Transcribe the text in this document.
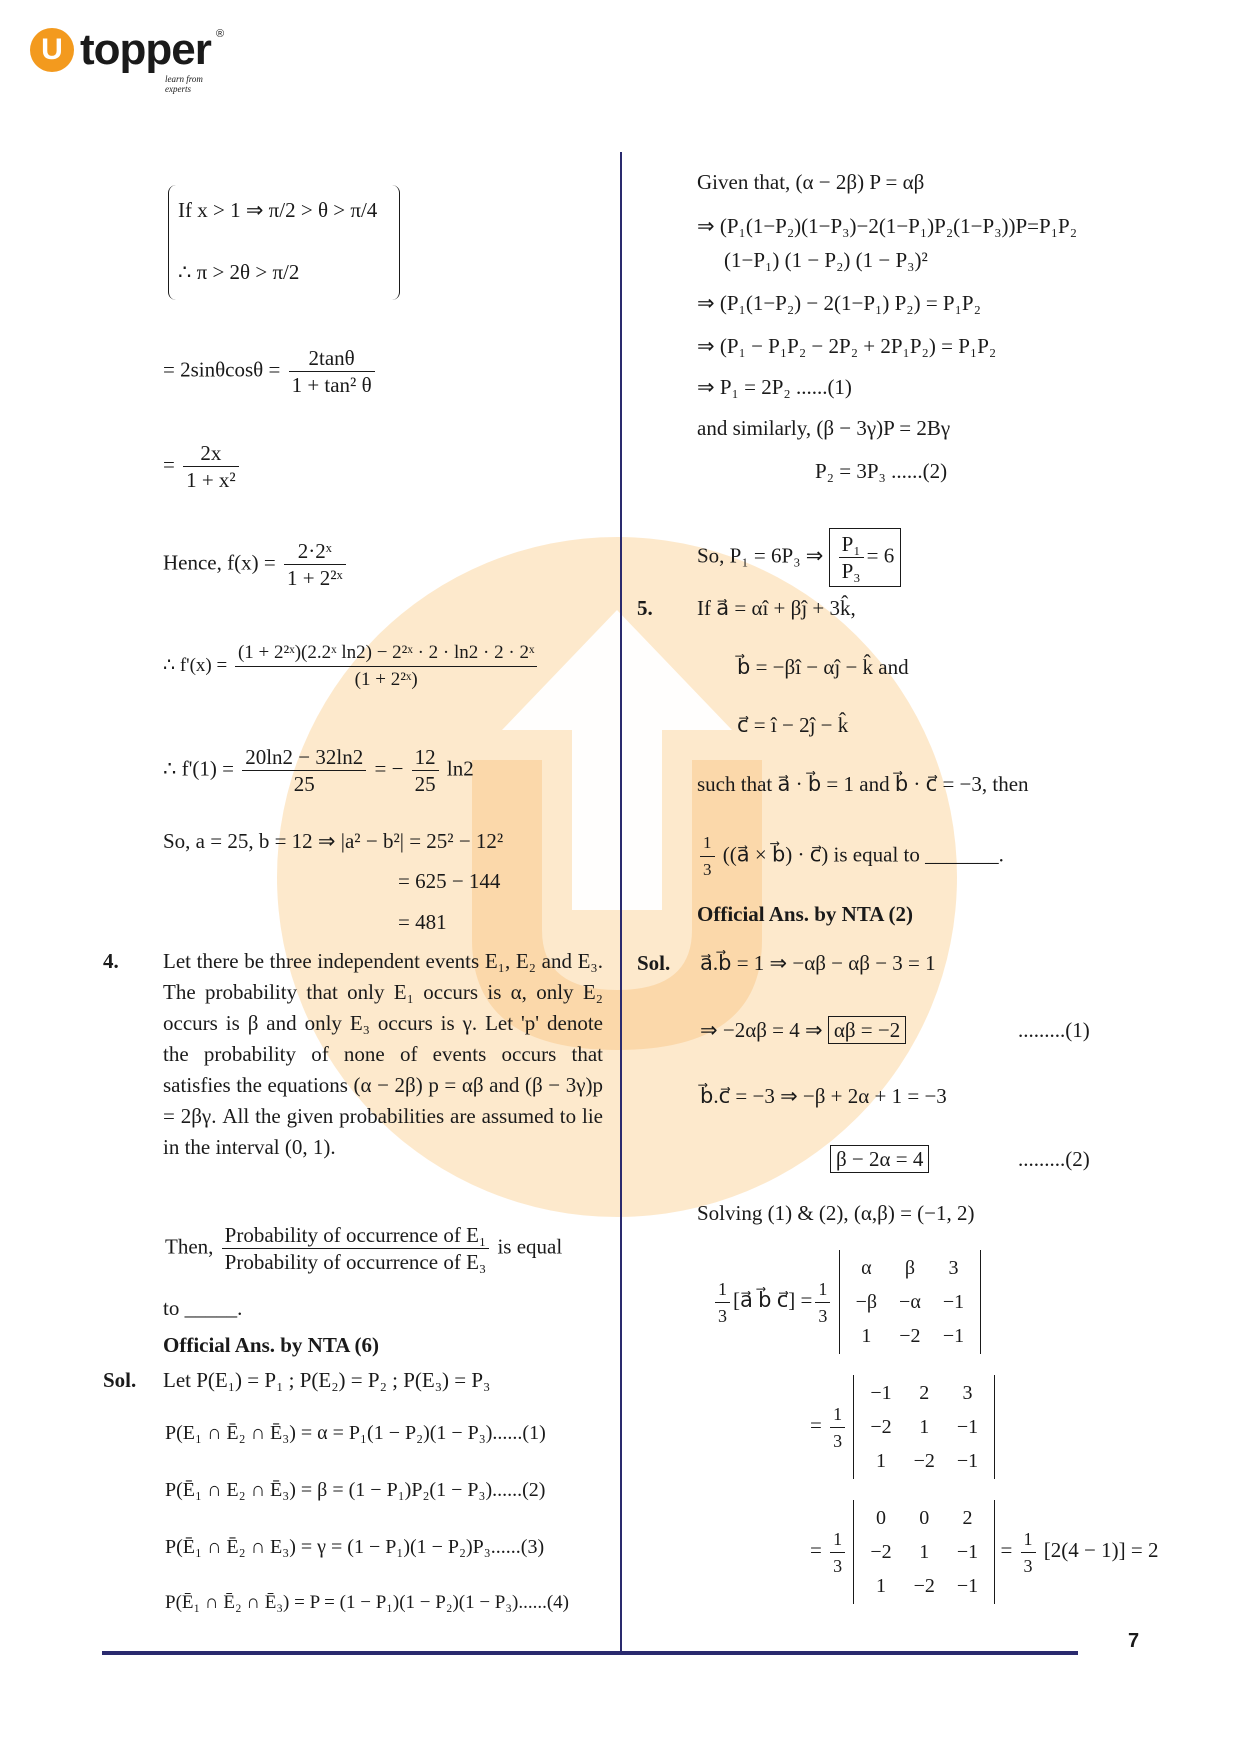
U topper ®
learn from experts
7
If x > 1 ⇒ π/2 > θ > π/4
∴ π > 2θ > π/2
= $2\sin\theta\cos\theta = \frac{2\tan\theta}{\text{1 + tan² θ}}$
= $\frac{2x}{\text{1 + x²}}$
Hence, $f(x) = \frac{\text{2·2ˣ}}{\text{1 + 2²ˣ}}$
∴ $f'(x) = \frac{\text{(1 + 2²ˣ)(2.2ˣ ln2) − 2²ˣ · 2 · ln2 · 2 · 2ˣ}}{\text{(1 + 2²ˣ)}}$
∴ $f'(1) = \frac{20\ln 2 - 32\ln 2}{25}$ = − $\frac{12}{25} \ln 2$
So, a = 25, b = 12 ⇒ |a² − b²| = 25² − 12²
= 625 − 144
= 481
4. Let there be three independent events E₁, E₂ and E₃. The probability that only E₁ occurs is α, only E₂ occurs is β and only E₃ occurs is γ. Let 'p' denote the probability of none of events occurs that satisfies the equations (α − 2β) p = αβ and (β − 3γ)p = 2βγ. All the given probabilities are assumed to lie in the interval (0, 1).
Then, $\frac{\text{Probability of occurrence of E₁}}{\text{Probability of occurrence of E₃}}$ is equal
to _____.
Official Ans. by NTA (6)
Sol. Let P(E₁) = P₁ ; P(E₂) = P₂ ; P(E₃) = P₃
P(E₁ ∩ Ē₂ ∩ Ē₃) = α = P₁(1 − P₂)(1 − P₃)......(1)
P(Ē₁ ∩ E₂ ∩ Ē₃) = β = (1 − P₁)P₂(1 − P₃)......(2)
P(Ē₁ ∩ Ē₂ ∩ E₃) = γ = (1 − P₁)(1 − P₂)P₃......(3)
P(Ē₁ ∩ Ē₂ ∩ Ē₃) = P = (1 − P₁)(1 − P₂)(1 − P₃)......(4)
Given that, (α − 2β) P = αβ
⇒ (P₁(1−P₂)(1−P₃)−2(1−P₁)P₂(1−P₃))P=P₁P₂
(1−P₁) (1 − P₂) (1 − P₃)²
⇒ (P₁(1−P₂) − 2(1−P₁) P₂) = P₁P₂
⇒ (P₁ − P₁P₂ − 2P₂ + 2P₁P₂) = P₁P₂
⇒ P₁ = 2P₂ ......(1)
and similarly, (β − 3γ)P = 2Bγ
P₂ = 3P₃ ......(2)
So, P₁ = 6P₃ ⇒ $\frac{\text{P₁}}{\text{P₃}} = 6$
5. If a⃗ = αî + βĵ + 3k̂,
b⃗ = −βî − αĵ − k̂ and
c⃗ = î − 2ĵ − k̂
such that a⃗ · b⃗ = 1 and b⃗ · c⃗ = −3, then
$\frac{1}{3}$ ((a⃗ × b⃗) · c⃗) is equal to _______.
Official Ans. by NTA (2)
Sol. a⃗.b⃗ = 1 ⇒ −αβ − αβ − 3 = 1
⇒ −2αβ = 4 ⇒ αβ = −2	.........(1)
b⃗.c⃗ = −3 ⇒ −β + 2α + 1 = −3
β − 2α = 4	.........(2)
Solving (1) & (2), (α,β) = (−1, 2)
$\frac{1}{3}$ [a⃗ b⃗ c⃗] = $\frac{1}{3}$
α	β	3
−β	−α	−1
1	−2	−1
= $\frac{1}{3}$
−1	2	3
−2	1	−1
1	−2	−1
= $\frac{1}{3}$
0	0	2
−2	1	−1
1	−2	$-1 = \frac{1}{3} [2(4 - 1)] = 2$
